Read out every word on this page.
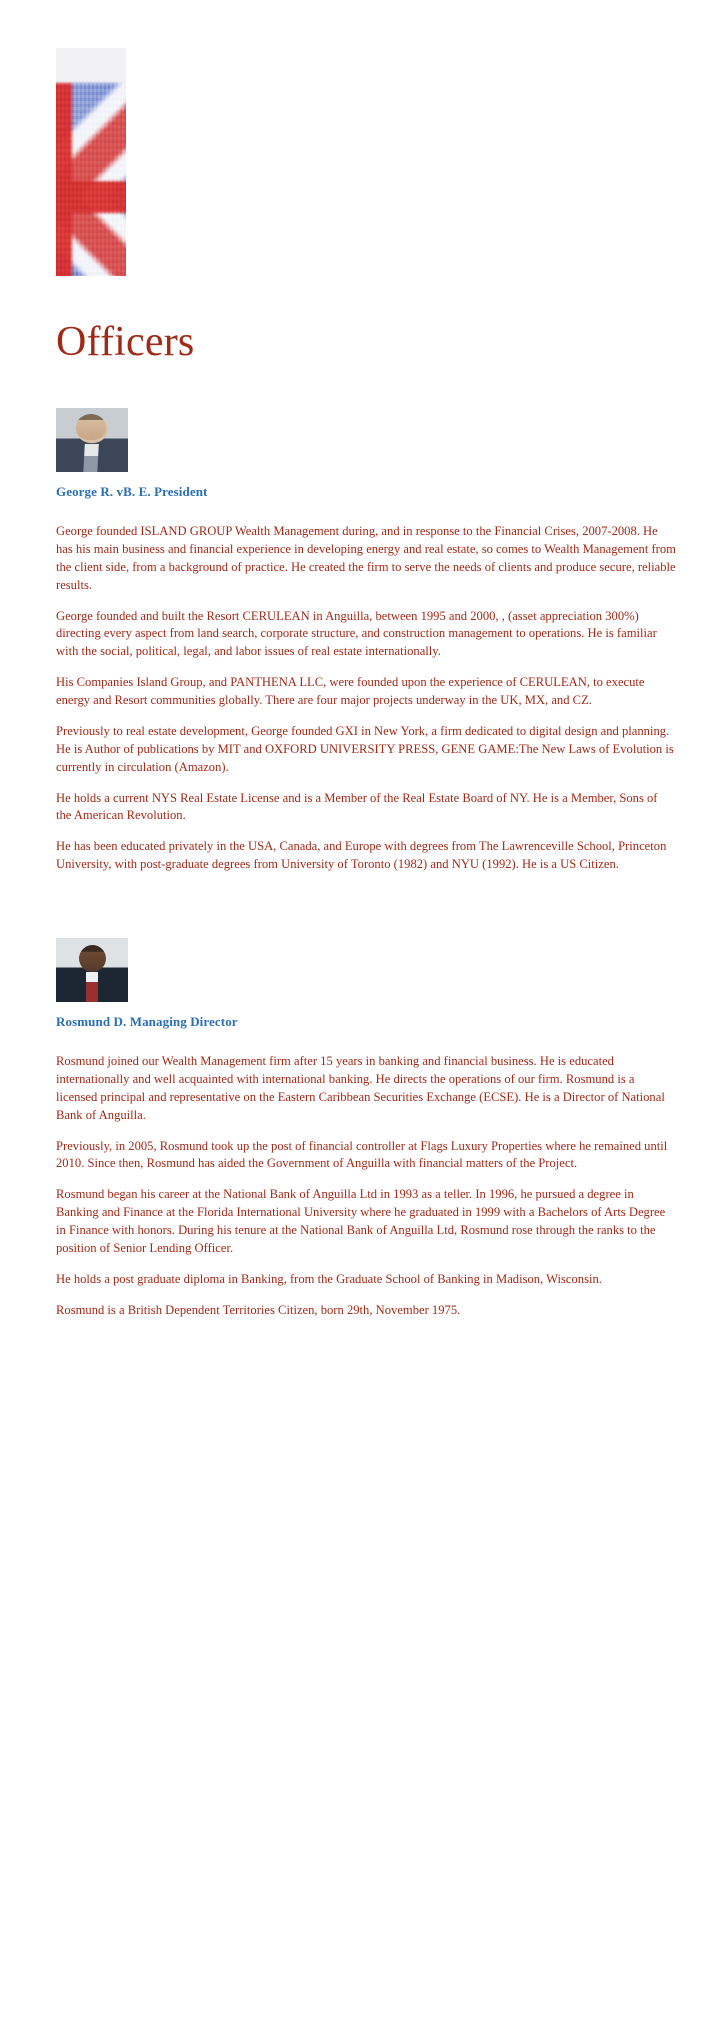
Officers
George R. vB. E. President

George founded ISLAND GROUP Wealth Management during, and in response to the Financial Crises, 2007-2008. He has his main business and financial experience in developing energy and real estate, so comes to Wealth Management from the client side, from a background of practice. He created the firm to serve the needs of clients and produce secure, reliable results.

George founded and built the Resort CERULEAN in Anguilla, between 1995 and 2000, , (asset appreciation 300%) directing every aspect from land search, corporate structure, and construction management to operations. He is familiar with the social, political, legal, and labor issues of real estate internationally.

His Companies Island Group, and PANTHENA LLC, were founded upon the experience of CERULEAN, to execute energy and Resort communities globally. There are four major projects underway in the UK, MX, and CZ.

Previously to real estate development, George founded GXI in New York, a firm dedicated to digital design and planning. He is Author of publications by MIT and OXFORD UNIVERSITY PRESS, GENE GAME:The New Laws of Evolution is currently in circulation (Amazon).

He holds a current NYS Real Estate License and is a Member of the Real Estate Board of NY. He is a Member, Sons of the American Revolution.

He has been educated privately in the USA, Canada, and Europe with degrees from The Lawrenceville School, Princeton University, with post-graduate degrees from University of Toronto (1982) and NYU (1992). He is a US Citizen.

Rosmund D. Managing Director

Rosmund joined our Wealth Management firm after 15 years in banking and financial business. He is educated internationally and well acquainted with international banking. He directs the operations of our firm. Rosmund is a licensed principal and representative on the Eastern Caribbean Securities Exchange (ECSE). He is a Director of National Bank of Anguilla.

Previously, in 2005, Rosmund took up the post of financial controller at Flags Luxury Properties where he remained until 2010. Since then, Rosmund has aided the Government of Anguilla with financial matters of the Project.

Rosmund began his career at the National Bank of Anguilla Ltd in 1993 as a teller. In 1996, he pursued a degree in Banking and Finance at the Florida International University where he graduated in 1999 with a Bachelors of Arts Degree in Finance with honors. During his tenure at the National Bank of Anguilla Ltd, Rosmund rose through the ranks to the position of Senior Lending Officer.

He holds a post graduate diploma in Banking, from the Graduate School of Banking in Madison, Wisconsin.

Rosmund is a British Dependent Territories Citizen, born 29th, November 1975.
